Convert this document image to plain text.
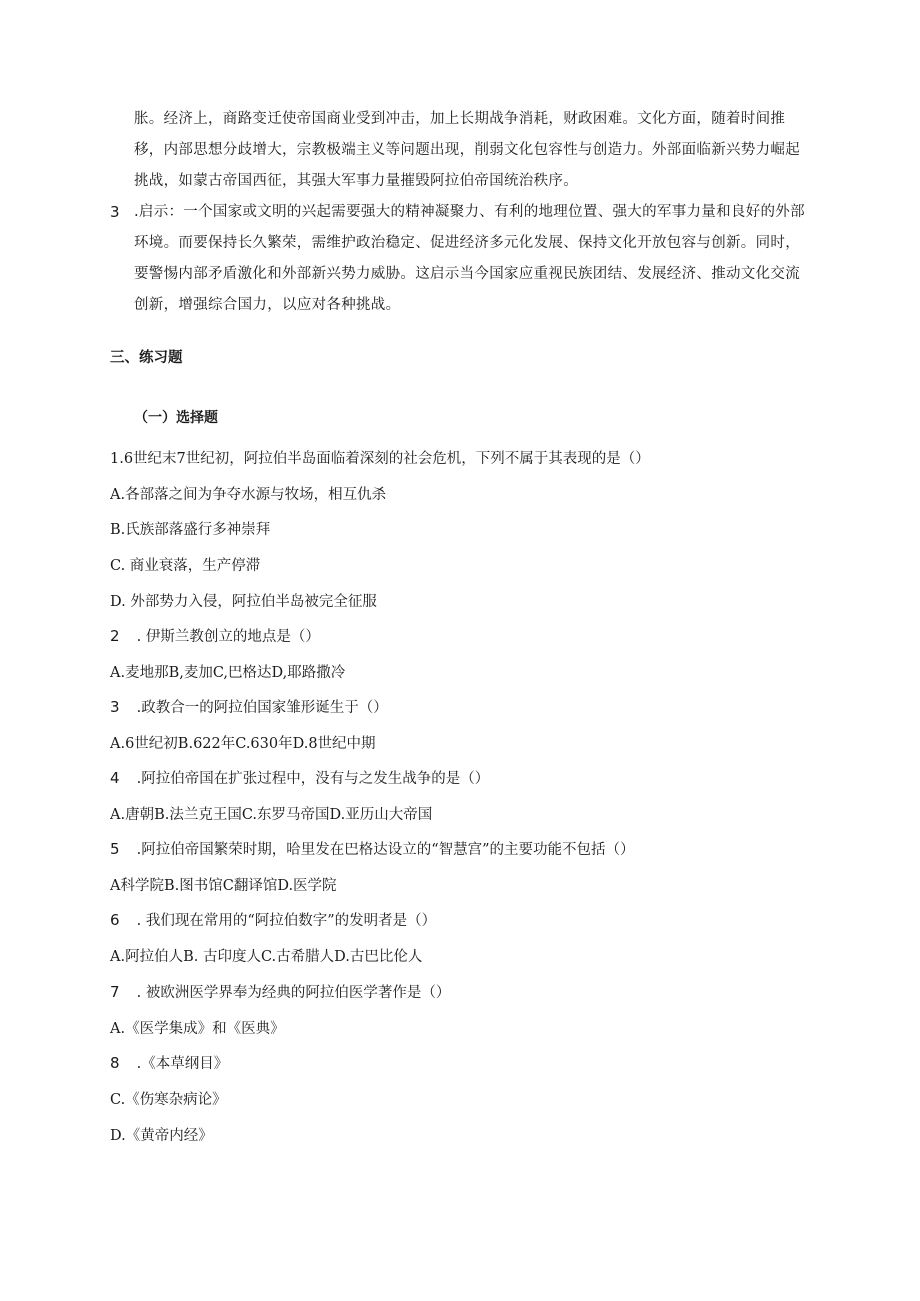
胀。经济上，商路变迁使帝国商业受到冲击，加上长期战争消耗，财政困难。文化方面，随着时间推移，内部思想分歧增大，宗教极端主义等问题出现，削弱文化包容性与创造力。外部面临新兴势力崛起挑战，如蒙古帝国西征，其强大军事力量摧毁阿拉伯帝国统治秩序。
3 .启示：一个国家或文明的兴起需要强大的精神凝聚力、有利的地理位置、强大的军事力量和良好的外部环境。而要保持长久繁荣，需维护政治稳定、促进经济多元化发展、保持文化开放包容与创新。同时，要警惕内部矛盾激化和外部新兴势力威胁。这启示当今国家应重视民族团结、发展经济、推动文化交流创新，增强综合国力，以应对各种挑战。
三、练习题
（一）选择题
1.6世纪末7世纪初，阿拉伯半岛面临着深刻的社会危机，下列不属于其表现的是（）
A.各部落之间为争夺水源与牧场，相互仇杀
B.氏族部落盛行多神崇拜
C. 商业衰落，生产停滞
D. 外部势力入侵，阿拉伯半岛被完全征服
2 . 伊斯兰教创立的地点是（）
A.麦地那B,麦加C,巴格达D,耶路撒冷
3 .政教合一的阿拉伯国家雏形诞生于（）
A.6世纪初B.622年C.630年D.8世纪中期
4 .阿拉伯帝国在扩张过程中，没有与之发生战争的是（）
A.唐朝B.法兰克王国C.东罗马帝国D.亚历山大帝国
5 .阿拉伯帝国繁荣时期，哈里发在巴格达设立的“智慧宫”的主要功能不包括（）
A科学院B.图书馆C翻译馆D.医学院
6 . 我们现在常用的“阿拉伯数字”的发明者是（）
A.阿拉伯人B. 古印度人C.古希腊人D.古巴比伦人
7 . 被欧洲医学界奉为经典的阿拉伯医学著作是（）
A.《医学集成》和《医典》
8 .《本草纲目》
C.《伤寒杂病论》
D.《黄帝内经》
